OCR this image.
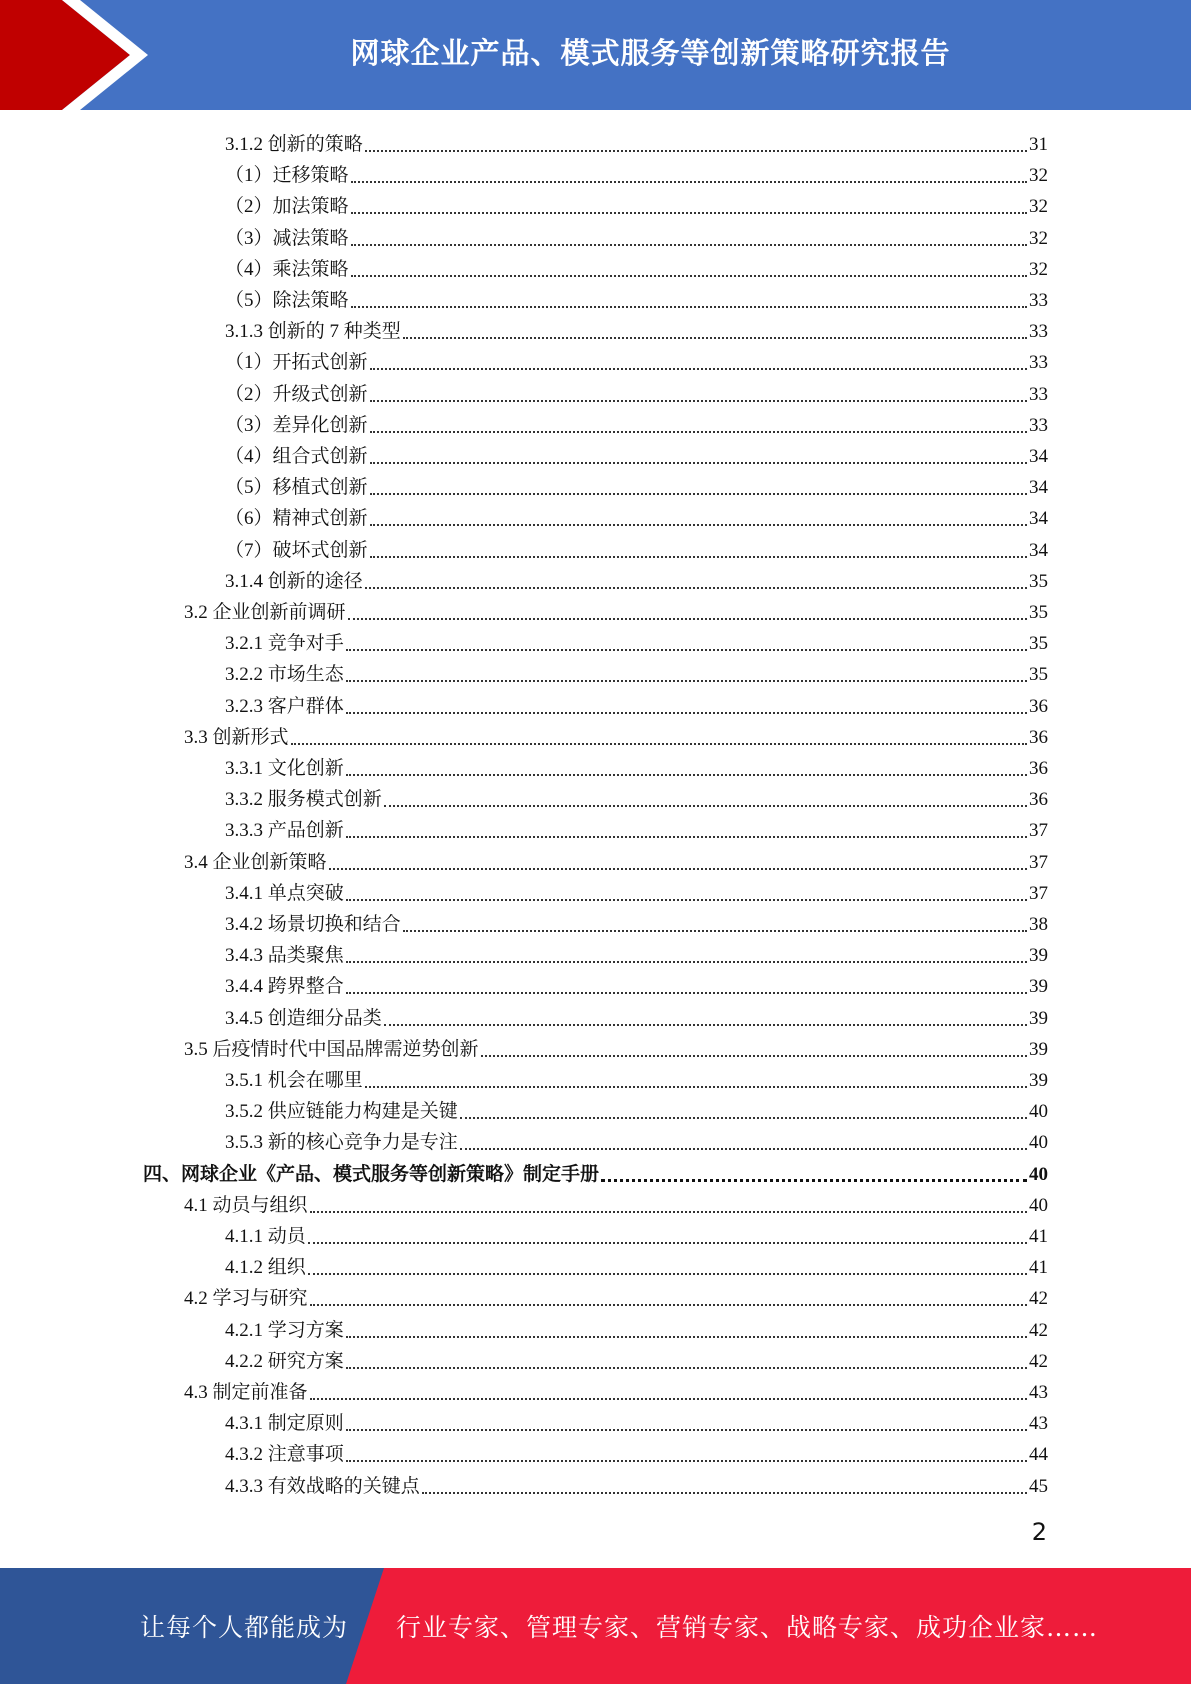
网球企业产品、模式服务等创新策略研究报告
3.1.2 创新的策略	31
（1）迁移策略	32
（2）加法策略	32
（3）减法策略	32
（4）乘法策略	32
（5）除法策略	33
3.1.3 创新的 7 种类型	33
（1）开拓式创新	33
（2）升级式创新	33
（3）差异化创新	33
（4）组合式创新	34
（5）移植式创新	34
（6）精神式创新	34
（7）破坏式创新	34
3.1.4 创新的途径	35
3.2 企业创新前调研	35
3.2.1 竞争对手	35
3.2.2 市场生态	35
3.2.3 客户群体	36
3.3 创新形式	36
3.3.1 文化创新	36
3.3.2 服务模式创新	36
3.3.3 产品创新	37
3.4 企业创新策略	37
3.4.1 单点突破	37
3.4.2 场景切换和结合	38
3.4.3 品类聚焦	39
3.4.4 跨界整合	39
3.4.5 创造细分品类	39
3.5 后疫情时代中国品牌需逆势创新	39
3.5.1 机会在哪里	39
3.5.2 供应链能力构建是关键	40
3.5.3 新的核心竞争力是专注	40
四、网球企业《产品、模式服务等创新策略》制定手册	40
4.1 动员与组织	40
4.1.1 动员	41
4.1.2 组织	41
4.2 学习与研究	42
4.2.1 学习方案	42
4.2.2 研究方案	42
4.3 制定前准备	43
4.3.1 制定原则	43
4.3.2 注意事项	44
4.3.3 有效战略的关键点	45
2
让每个人都能成为 行业专家、管理专家、营销专家、战略专家、成功企业家……
